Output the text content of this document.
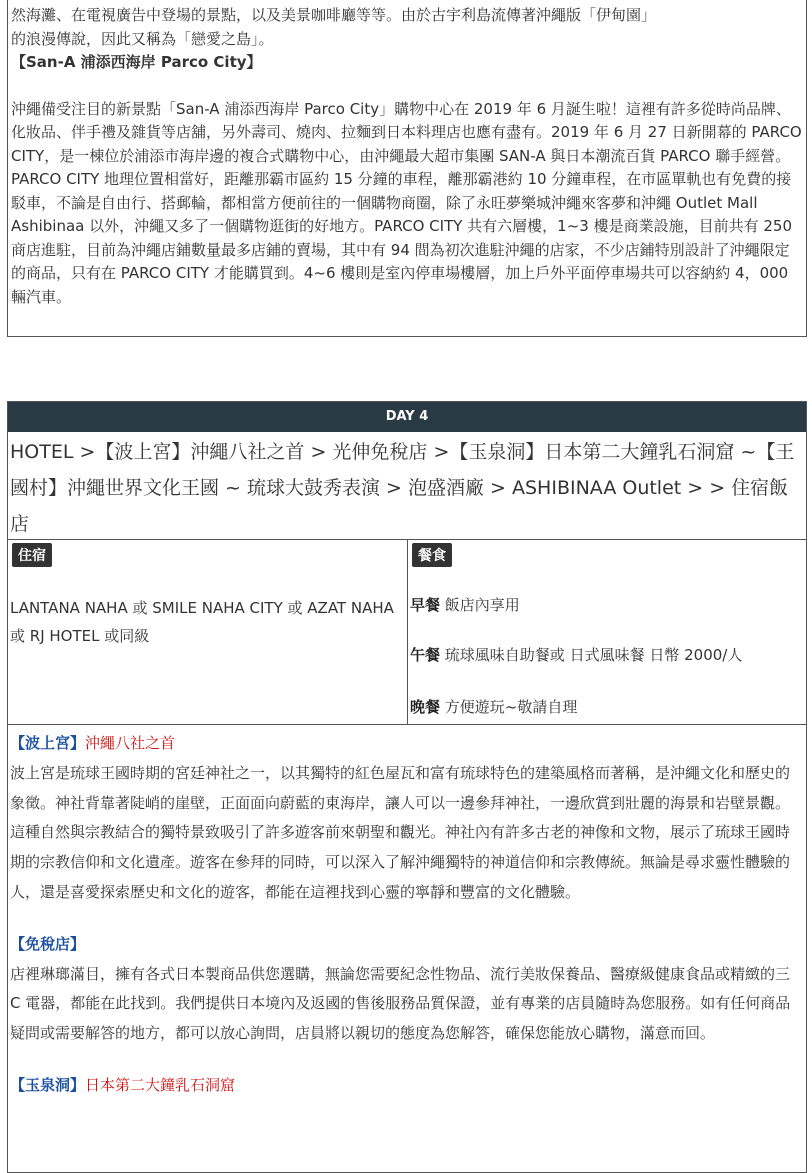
然海灘、在電視廣告中登場的景點，以及美景咖啡廳等等。由於古宇利島流傳著沖繩版「伊甸園」

的浪漫傳說，因此又稱為「戀愛之島」。

【San-A 浦添西海岸 Parco City】

沖繩備受注目的新景點「San-A 浦添西海岸 Parco City」購物中心在 2019 年 6 月誕生啦！這裡有許多從時尚品牌、化妝品、伴手禮及雜貨等店舖，另外壽司、燒肉、拉麵到日本料理店也應有盡有。2019 年 6 月 27 日新開幕的 PARCO CITY，是一棟位於浦添市海岸邊的複合式購物中心，由沖繩最大超市集團 SAN-A 與日本潮流百貨 PARCO 聯手經營。PARCO CITY 地理位置相當好，距離那霸市區約 15 分鐘的車程，離那霸港約 10 分鐘車程，在市區單軌也有免費的接駁車，不論是自由行、搭郵輪，都相當方便前往的一個購物商圈，除了永旺夢樂城沖繩來客夢和沖繩 Outlet Mall Ashibinaa 以外，沖繩又多了一個購物逛街的好地方。PARCO CITY 共有六層樓，1~3 樓是商業設施，目前共有 250 商店進駐，目前為沖繩店鋪數量最多店鋪的賣場，其中有 94 間為初次進駐沖繩的店家，不少店鋪特別設計了沖繩限定的商品，只有在 PARCO CITY 才能購買到。4~6 樓則是室內停車場樓層，加上戶外平面停車場共可以容納約 4，000 輛汽車。

DAY 4
HOTEL >【波上宮】沖繩八社之首 > 光伸免稅店 >【玉泉洞】日本第二大鐘乳石洞窟 ~【王國村】沖繩世界文化王國 ~ 琉球大鼓秀表演 > 泡盛酒廠 > ASHIBINAA Outlet > > 住宿飯店
住宿
LANTANA NAHA 或 SMILE NAHA CITY 或 AZAT NAHA 或 RJ HOTEL 或同級
餐食
早餐 飯店內享用
午餐 琉球風味自助餐或 日式風味餐 日幣 2000/人
晚餐 方便遊玩~敬請自理

【波上宮】沖繩八社之首

波上宮是琉球王國時期的宮廷神社之一，以其獨特的紅色屋瓦和富有琉球特色的建築風格而著稱，是沖繩文化和歷史的象徵。神社背靠著陡峭的崖壁，正面面向蔚藍的東海岸，讓人可以一邊參拜神社，一邊欣賞到壯麗的海景和岩壁景觀。這種自然與宗教結合的獨特景致吸引了許多遊客前來朝聖和觀光。神社內有許多古老的神像和文物，展示了琉球王國時期的宗教信仰和文化遺產。遊客在參拜的同時，可以深入了解沖繩獨特的神道信仰和宗教傳統。無論是尋求靈性體驗的人，還是喜愛探索歷史和文化的遊客，都能在這裡找到心靈的寧靜和豐富的文化體驗。

【免稅店】

店裡琳瑯滿目，擁有各式日本製商品供您選購，無論您需要紀念性物品、流行美妝保養品、醫療級健康食品或精緻的三 C 電器，都能在此找到。我們提供日本境內及返國的售後服務品質保證，並有專業的店員隨時為您服務。如有任何商品疑問或需要解答的地方，都可以放心詢問，店員將以親切的態度為您解答，確保您能放心購物，滿意而回。

【玉泉洞】日本第二大鐘乳石洞窟
